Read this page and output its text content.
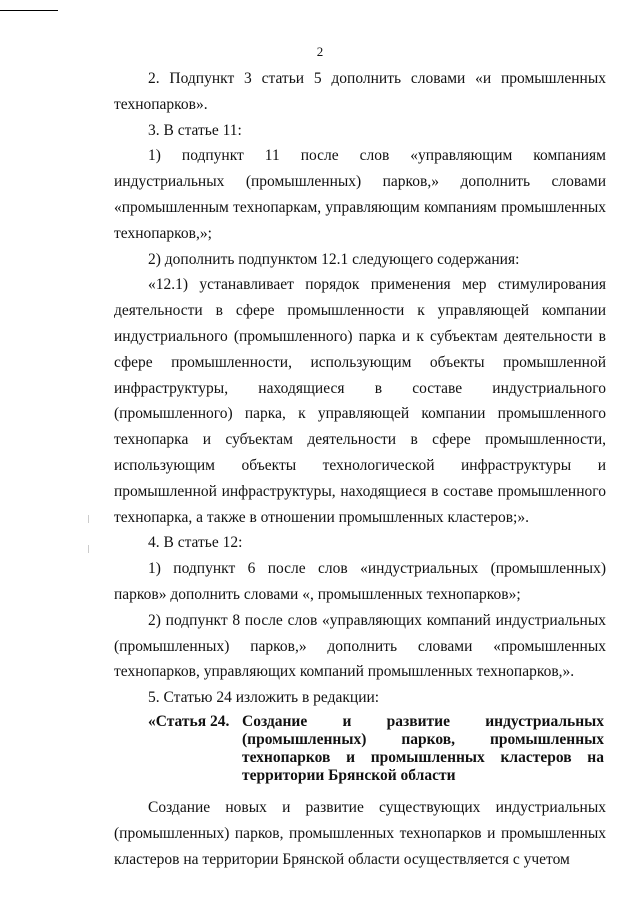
2

2. Подпункт 3 статьи 5 дополнить словами «и промышленных технопарков».

3. В статье 11:

1) подпункт 11 после слов «управляющим компаниям индустриальных (промышленных) парков,» дополнить словами «промышленным технопаркам, управляющим компаниям промышленных технопарков,»;

2) дополнить подпунктом 12.1 следующего содержания:

«12.1) устанавливает порядок применения мер стимулирования деятельности в сфере промышленности к управляющей компании индустриального (промышленного) парка и к субъектам деятельности в сфере промышленности, использующим объекты промышленной инфраструктуры, находящиеся в составе индустриального (промышленного) парка, к управляющей компании промышленного технопарка и субъектам деятельности в сфере промышленности, использующим объекты технологической инфраструктуры и промышленной инфраструктуры, находящиеся в составе промышленного технопарка, а также в отношении промышленных кластеров;».

4. В статье 12:

1) подпункт 6 после слов «индустриальных (промышленных) парков» дополнить словами «, промышленных технопарков»;

2) подпункт 8 после слов «управляющих компаний индустриальных (промышленных) парков,» дополнить словами «промышленных технопарков, управляющих компаний промышленных технопарков,».

5. Статью 24 изложить в редакции:

«Статья 24. Создание и развитие индустриальных (промышленных) парков, промышленных технопарков и промышленных кластеров на территории Брянской области

Создание новых и развитие существующих индустриальных (промышленных) парков, промышленных технопарков и промышленных кластеров на территории Брянской области осуществляется с учетом
